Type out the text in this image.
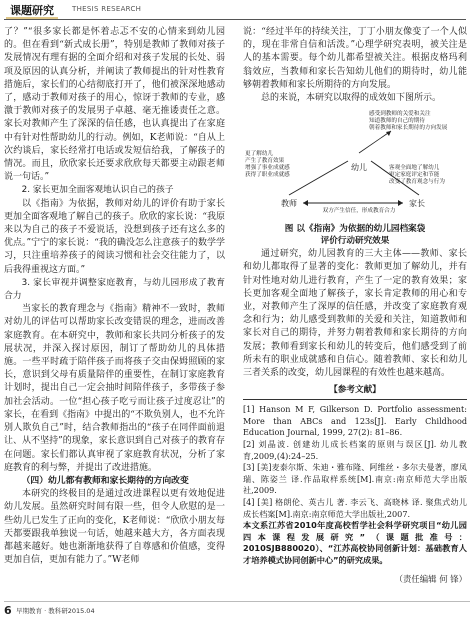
课题研究	THESIS RESEARCH

了？”“很多家长都是怀着忐忑不安的心情来到幼儿园的。但在看到“新式成长册”，特别是教师了教师对孩子发展情况有理有据的全面介绍和对孩子发展的长处、弱项及原因的认真分析，并阐读了教师提出的针对性教育措施后，家长们的心结彻底打开了，他们被深深地感动了，感动于教师对孩子的用心，惊讶于教师的专业，感激于教师对孩子的发展男子卓越、毫无推诿责任之意。家长对教师产生了深深的信任感，也认真提出了在家庭中有针对性帮助幼儿的行动。例如，K老师说：“自从上次约谈后，家长经常打电话或发短信给我，了解孩子的情况。而且，欣欣家长还要求欣欣每天都要主动跟老师说一句话。”

2. 家长更加全面客观地认识自己的孩子

以《指南》为依据，教师对幼儿的评价有助于家长更加全面客观地了解自己的孩子。欣欣的家长说：“我原来以为自己的孩子不爱说话，没想到孩子还有这么多的优点。”宁宁的家长说：“我的确没怎么注意孩子的数学学习，只注重培养孩子的阅读习惯和社会交往能力了，以后我得重视这方面。”

3. 家长审视并调整家庭教育，与幼儿园形成了教育合力

当家长的教育理念与《指南》精神不一致时，教师对幼儿的评估可以帮助家长改变错误的理念，进而改善家庭教育。在本研究中，教师和家长共同分析孩子的发展状况，并深入探讨原因，制订了帮助幼儿的具体措施。一些平时疏于陪伴孩子而将孩子交由保姆照顾的家长，意识到父母有质量陪伴的重要性，在制订家庭教育计划时，提出自己一定会抽时间陪伴孩子，多带孩子参加社会活动。一位“担心孩子吃亏而让孩子过度忍让”的家长，在看到《指南》中提出的“不欺负别人，也不允许别人欺负自己”时，结合教师指出的“孩子在同伴面前退让、从不坚持”的现象，家长意识到自己对孩子的教育存在问题。家长们都认真审视了家庭教育状况，分析了家庭教育的利与弊，并提出了改进措施。

（四）幼儿都有教师和家长期待的方向改变

本研究的终极目的是通过改进课程以更有效地促进幼儿发展。虽然研究时间有限一些，但令人欣慰的是一些幼儿已发生了正向的变化，K老师说：“欣欣小朋友每天都要跟我单独说一句话，她越来越大方，各方面表现都越来越好。她也渐渐地获得了自尊感和价值感，变得更加自信，更加有能力了。”W老师

说：“经过半年的持续关注，丁丁小朋友像变了一个人似的，现在非常自信和活泼。”心理学研究表明，被关注是人的基本需要。每个幼儿都希望被关注。根据皮格玛利翁效应，当教师和家长告知幼儿他们的期待时，幼儿能够朝着教师和家长所期待的方向发展。

总的来说，本研究以取得的成效如下图所示。

感受到教师的关爱和关注
知道教师的自己的期待
朝着教师和家长期待的方向发展
幼儿
更了解幼儿
产生了教育效果
增强了事业成就感
获得了职业成就感
客观全面地了解幼儿
审定家庭评定和节能
改变了教育观念与行为
教师	家长
双方产生信任，形成教育合力
图 以《指南》为依据的幼儿园档案袋
评价行动研究效果

通过研究，幼儿园教育的三大主体——教师、家长和幼儿都取得了显著的变化：教师更加了解幼儿，并有针对性地对幼儿进行教育，产生了一定的教育效果；家长更加客观全面地了解孩子，家长肯定教师的用心和专业，对教师产生了深厚的信任感，并改变了家庭教育观念和行为；幼儿感受到教师的关爱和关注，知道教师和家长对自己的期待，并努力朝着教师和家长期待的方向发展；教师看到家长和幼儿的转变后，他们感受到了前所未有的职业成就感和自信心。随着教师、家长和幼儿三者关系的改变，幼儿园课程的有效性也越来越高。

【参考文献】

[1] Hanson M F, Gilkerson D. Portfolio assessment: More than ABCs and 123s[J]. Early Childhood Education Journal, 1999, 27(2): 81–86.

[2] 刘晶波. 创建幼儿成长档案的原则与误区[J]. 幼儿教育,2009,(4):24–25.

[3] [美]麦泰尔斯、朱迪・雅布隆、阿维丝・多尔夫曼著，廖凤瑞、陈姿兰 译.作品取样系统[M].南京:南京师范大学出版社,2009.

[4] [美] 格朗伦、英古儿 著. 李云飞、高晓林 译. 聚焦式幼儿成长档案[M].南京:南京师范大学出版社,2007.

本文系江苏省2010年度高校哲学社会科学研究项目“幼儿园四本课程发展研究”（课题批准号：2010SJB880020）、“江苏高校协同创新计划：基础教育人才培养模式协同创新中心”的研究成果。

（责任编辑 何 锋）
6 早期教育 · 教科研2015.04
